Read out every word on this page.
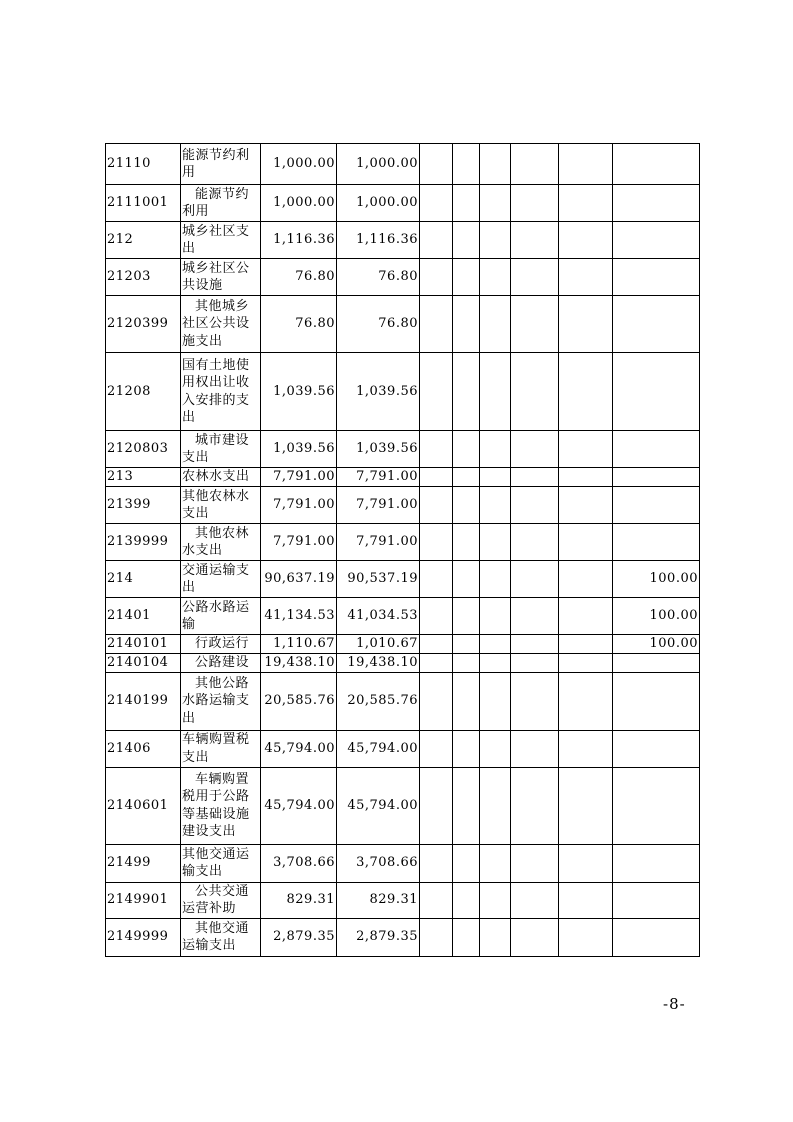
21110	能源节约利用	1,000.00	1,000.00						
2111001	能源节约利用	1,000.00	1,000.00						
212	城乡社区支出	1,116.36	1,116.36						
21203	城乡社区公共设施	76.80	76.80						
2120399	其他城乡社区公共设施支出	76.80	76.80						
21208	国有土地使用权出让收入安排的支出	1,039.56	1,039.56						
2120803	城市建设支出	1,039.56	1,039.56						
213	农林水支出	7,791.00	7,791.00						
21399	其他农林水支出	7,791.00	7,791.00						
2139999	其他农林水支出	7,791.00	7,791.00						
214	交通运输支出	90,637.19	90,537.19						100.00
21401	公路水路运输	41,134.53	41,034.53						100.00
2140101	行政运行	1,110.67	1,010.67						100.00
2140104	公路建设	19,438.10	19,438.10						
2140199	其他公路水路运输支出	20,585.76	20,585.76						
21406	车辆购置税支出	45,794.00	45,794.00						
2140601	车辆购置税用于公路等基础设施建设支出	45,794.00	45,794.00						
21499	其他交通运输支出	3,708.66	3,708.66						
2149901	公共交通运营补助	829.31	829.31						
2149999	其他交通运输支出	2,879.35	2,879.35						
-8-
